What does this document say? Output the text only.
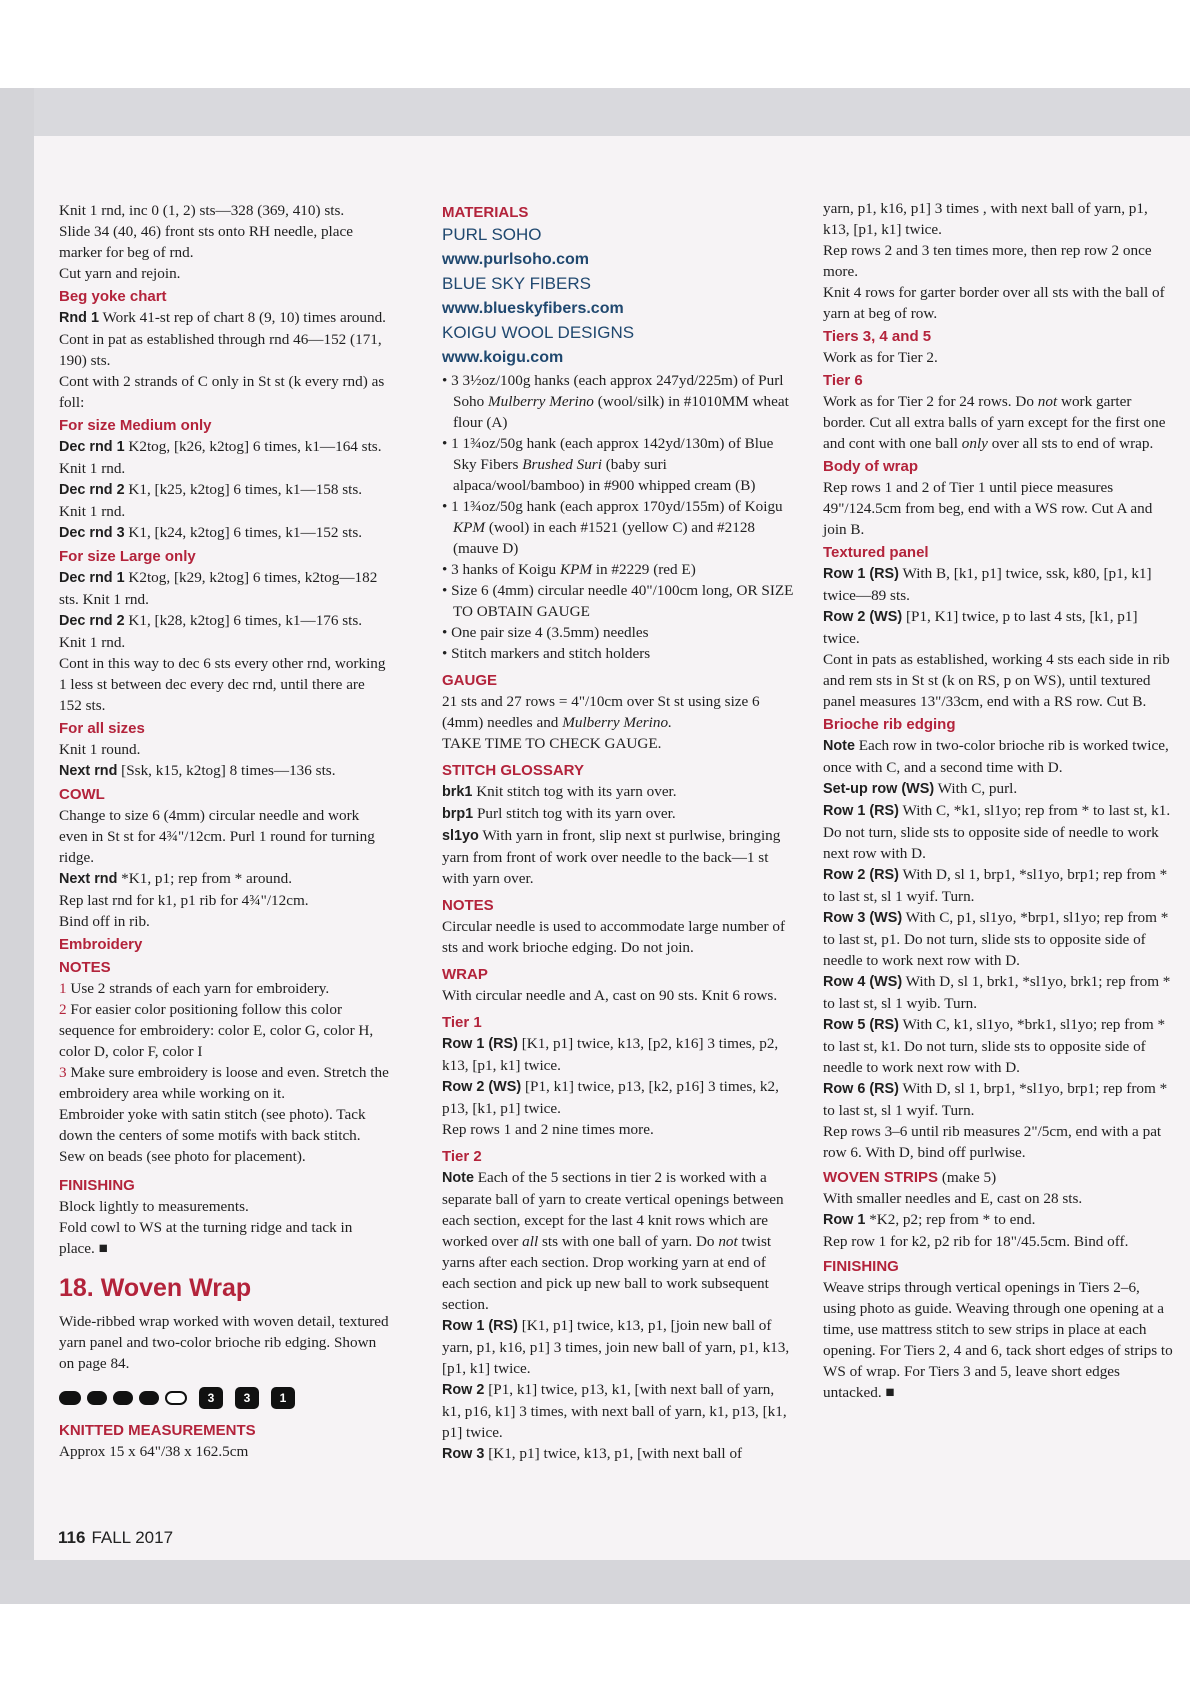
Knit 1 rnd, inc 0 (1, 2) sts—328 (369, 410) sts.

Slide 34 (40, 46) front sts onto RH needle, place marker for beg of rnd.

Cut yarn and rejoin.

Beg yoke chart

Rnd 1 Work 41-st rep of chart 8 (9, 10) times around. Cont in pat as established through rnd 46—152 (171, 190) sts.

Cont with 2 strands of C only in St st (k every rnd) as foll:

For size Medium only

Dec rnd 1 K2tog, [k26, k2tog] 6 times, k1—164 sts. Knit 1 rnd.

Dec rnd 2 K1, [k25, k2tog] 6 times, k1—158 sts. Knit 1 rnd.

Dec rnd 3 K1, [k24, k2tog] 6 times, k1—152 sts.

For size Large only

Dec rnd 1 K2tog, [k29, k2tog] 6 times, k2tog—182 sts. Knit 1 rnd.

Dec rnd 2 K1, [k28, k2tog] 6 times, k1—176 sts. Knit 1 rnd.

Cont in this way to dec 6 sts every other rnd, working 1 less st between dec every dec rnd, until there are 152 sts.

For all sizes

Knit 1 round.

Next rnd [Ssk, k15, k2tog] 8 times—136 sts.

COWL

Change to size 6 (4mm) circular needle and work even in St st for 4¾"/12cm. Purl 1 round for turning ridge.

Next rnd *K1, p1; rep from * around.

Rep last rnd for k1, p1 rib for 4¾"/12cm.

Bind off in rib.

Embroidery

NOTES

1 Use 2 strands of each yarn for embroidery.

2 For easier color positioning follow this color sequence for embroidery: color E, color G, color H, color D, color F, color I

3 Make sure embroidery is loose and even. Stretch the embroidery area while working on it.

Embroider yoke with satin stitch (see photo). Tack down the centers of some motifs with back stitch. Sew on beads (see photo for placement).

FINISHING

Block lightly to measurements.

Fold cowl to WS at the turning ridge and tack in place. ■

18. Woven Wrap

Wide-ribbed wrap worked with woven detail, textured yarn panel and two-color brioche rib edging. Shown on page 84.

3	3	1

KNITTED MEASUREMENTS

Approx 15 x 64"/38 x 162.5cm

MATERIALS

PURL SOHO

www.purlsoho.com

BLUE SKY FIBERS

www.blueskyfibers.com

KOIGU WOOL DESIGNS

www.koigu.com

• 3 3½oz/100g hanks (each approx 247yd/225m) of Purl Soho Mulberry Merino (wool/silk) in #1010MM wheat flour (A)

• 1 1¾oz/50g hank (each approx 142yd/130m) of Blue Sky Fibers Brushed Suri (baby suri alpaca/wool/bamboo) in #900 whipped cream (B)

• 1 1¾oz/50g hank (each approx 170yd/155m) of Koigu KPM (wool) in each #1521 (yellow C) and #2128 (mauve D)

• 3 hanks of Koigu KPM in #2229 (red E)

• Size 6 (4mm) circular needle 40"/100cm long, OR SIZE TO OBTAIN GAUGE

• One pair size 4 (3.5mm) needles

• Stitch markers and stitch holders

GAUGE

21 sts and 27 rows = 4"/10cm over St st using size 6 (4mm) needles and Mulberry Merino.

TAKE TIME TO CHECK GAUGE.

STITCH GLOSSARY

brk1 Knit stitch tog with its yarn over.

brp1 Purl stitch tog with its yarn over.

sl1yo With yarn in front, slip next st purlwise, bringing yarn from front of work over needle to the back—1 st with yarn over.

NOTES

Circular needle is used to accommodate large number of sts and work brioche edging. Do not join.

WRAP

With circular needle and A, cast on 90 sts. Knit 6 rows.

Tier 1

Row 1 (RS) [K1, p1] twice, k13, [p2, k16] 3 times, p2, k13, [p1, k1] twice.

Row 2 (WS) [P1, k1] twice, p13, [k2, p16] 3 times, k2, p13, [k1, p1] twice.

Rep rows 1 and 2 nine times more.

Tier 2

Note Each of the 5 sections in tier 2 is worked with a separate ball of yarn to create vertical openings between each section, except for the last 4 knit rows which are worked over all sts with one ball of yarn. Do not twist yarns after each section. Drop working yarn at end of each section and pick up new ball to work subsequent section.

Row 1 (RS) [K1, p1] twice, k13, p1, [join new ball of yarn, p1, k16, p1] 3 times, join new ball of yarn, p1, k13, [p1, k1] twice.

Row 2 [P1, k1] twice, p13, k1, [with next ball of yarn, k1, p16, k1] 3 times, with next ball of yarn, k1, p13, [k1, p1] twice.

Row 3 [K1, p1] twice, k13, p1, [with next ball of

yarn, p1, k16, p1] 3 times , with next ball of yarn, p1, k13, [p1, k1] twice.

Rep rows 2 and 3 ten times more, then rep row 2 once more.

Knit 4 rows for garter border over all sts with the ball of yarn at beg of row.

Tiers 3, 4 and 5

Work as for Tier 2.

Tier 6

Work as for Tier 2 for 24 rows. Do not work garter border. Cut all extra balls of yarn except for the first one and cont with one ball only over all sts to end of wrap.

Body of wrap

Rep rows 1 and 2 of Tier 1 until piece measures 49"/124.5cm from beg, end with a WS row. Cut A and join B.

Textured panel

Row 1 (RS) With B, [k1, p1] twice, ssk, k80, [p1, k1] twice—89 sts.

Row 2 (WS) [P1, K1] twice, p to last 4 sts, [k1, p1] twice.

Cont in pats as established, working 4 sts each side in rib and rem sts in St st (k on RS, p on WS), until textured panel measures 13"/33cm, end with a RS row. Cut B.

Brioche rib edging

Note Each row in two-color brioche rib is worked twice, once with C, and a second time with D.

Set-up row (WS) With C, purl.

Row 1 (RS) With C, *k1, sl1yo; rep from * to last st, k1. Do not turn, slide sts to opposite side of needle to work next row with D.

Row 2 (RS) With D, sl 1, brp1, *sl1yo, brp1; rep from * to last st, sl 1 wyif. Turn.

Row 3 (WS) With C, p1, sl1yo, *brp1, sl1yo; rep from * to last st, p1. Do not turn, slide sts to opposite side of needle to work next row with D.

Row 4 (WS) With D, sl 1, brk1, *sl1yo, brk1; rep from * to last st, sl 1 wyib. Turn.

Row 5 (RS) With C, k1, sl1yo, *brk1, sl1yo; rep from * to last st, k1. Do not turn, slide sts to opposite side of needle to work next row with D.

Row 6 (RS) With D, sl 1, brp1, *sl1yo, brp1; rep from * to last st, sl 1 wyif. Turn.

Rep rows 3–6 until rib measures 2"/5cm, end with a pat row 6. With D, bind off purlwise.

WOVEN STRIPS (make 5)

With smaller needles and E, cast on 28 sts.

Row 1 *K2, p2; rep from * to end.

Rep row 1 for k2, p2 rib for 18"/45.5cm. Bind off.

FINISHING

Weave strips through vertical openings in Tiers 2–6, using photo as guide. Weaving through one opening at a time, use mattress stitch to sew strips in place at each opening. For Tiers 2, 4 and 6, tack short edges of strips to WS of wrap. For Tiers 3 and 5, leave short edges untacked. ■

116 FALL 2017
